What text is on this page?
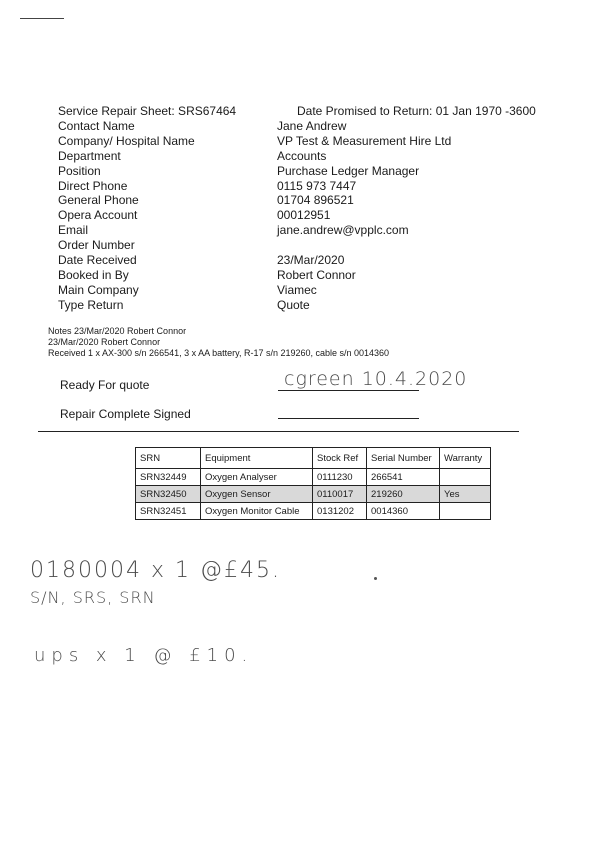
Service Repair Sheet: SRS67464	Date Promised to Return: 01 Jan 1970 -3600
Contact Name	Jane Andrew
Company/ Hospital Name	VP Test & Measurement Hire Ltd
Department	Accounts
Position	Purchase Ledger Manager
Direct Phone	0115 973 7447
General Phone	01704 896521
Opera Account	00012951
Email	jane.andrew@vpplc.com
Order Number
Date Received	23/Mar/2020
Booked in By	Robert Connor
Main Company	Viamec
Type Return	Quote
Notes 23/Mar/2020 Robert Connor
23/Mar/2020 Robert Connor
Received 1 x AX-300 s/n 266541, 3 x AA battery, R-17 s/n 219260, cable s/n 0014360
Ready For quote	cgreen 10.4.2020
Repair Complete Signed
SRN	Equipment	Stock Ref	Serial Number	Warranty
SRN32449	Oxygen Analyser	0111230	266541	
SRN32450	Oxygen Sensor	0110017	219260	Yes
SRN32451	Oxygen Monitor Cable	0131202	0014360	
0180004 x 1 @£45.
S/N, SRS, SRN
ups x 1 @ £10.
